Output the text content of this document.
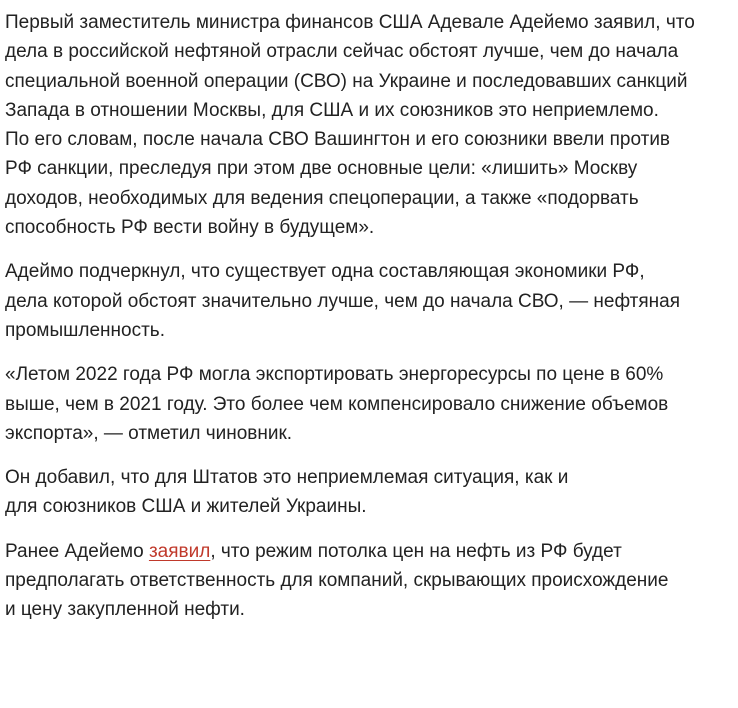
Первый заместитель министра финансов США Адевале Адейемо заявил, что
дела в российской нефтяной отрасли сейчас обстоят лучше, чем до начала
специальной военной операции (СВО) на Украине и последовавших санкций
Запада в отношении Москвы, для США и их союзников это неприемлемо.

По его словам, после начала СВО Вашингтон и его союзники ввели против
РФ санкции, преследуя при этом две основные цели: «лишить» Москву
доходов, необходимых для ведения спецоперации, а также «подорвать
способность РФ вести войну в будущем».

Адеймо подчеркнул, что существует одна составляющая экономики РФ,
дела которой обстоят значительно лучше, чем до начала СВО, — нефтяная
промышленность.

«Летом 2022 года РФ могла экспортировать энергоресурсы по цене в 60%
выше, чем в 2021 году. Это более чем компенсировало снижение объемов
экспорта», — отметил чиновник.

Он добавил, что для Штатов это неприемлемая ситуация, как и
для союзников США и жителей Украины.

Ранее Адейемо заявил, что режим потолка цен на нефть из РФ будет
предполагать ответственность для компаний, скрывающих происхождение
и цену закупленной нефти.
